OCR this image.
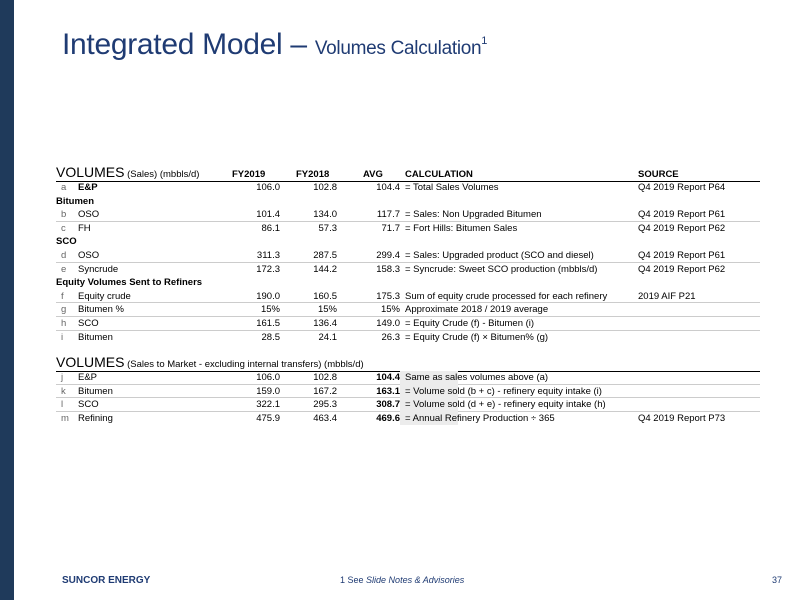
Integrated Model – Volumes Calculation$^1$
VOLUMES (Sales) (mbbls/d)	FY2019	FY2018	AVG CALCULATION	SOURCE
a	E&P	106.0	102.8	104.4 = Total Sales Volumes	Q4 2019 Report P64
Bitumen
b	OSO	101.4	134.0	117.7 = Sales: Non Upgraded Bitumen	Q4 2019 Report P61
c	FH	86.1	57.3	71.7 = Fort Hills: Bitumen Sales	Q4 2019 Report P62
SCO
d	OSO	311.3	287.5	299.4 = Sales: Upgraded product (SCO and diesel)	Q4 2019 Report P61
e	Syncrude	172.3	144.2	158.3 = Syncrude: Sweet SCO production (mbbls/d)	Q4 2019 Report P62
Equity Volumes Sent to Refiners
f	Equity crude	190.0	160.5	175.3 Sum of equity crude processed for each refinery	2019 AIF P21
g	Bitumen %	15%	15%	15% Approximate 2018 / 2019 average
h	SCO	161.5	136.4	149.0 = Equity Crude (f) - Bitumen (i)
i	Bitumen	28.5	24.1	26.3 = Equity Crude (f) × Bitumen% (g)
VOLUMES (Sales to Market - excluding internal transfers) (mbbls/d)
j	E&P	106.0	102.8	104.4 Same as sales volumes above (a)
k	Bitumen	159.0	167.2	163.1 = Volume sold (b + c) - refinery equity intake (i)
l	SCO	322.1	295.3	308.7 = Volume sold (d + e) - refinery equity intake (h)
m Refining	475.9	463.4	469.6 = Annual Refinery Production ÷ 365	Q4 2019 Report P73
SUNCOR ENERGY	1 See Slide Notes & Advisories	37
